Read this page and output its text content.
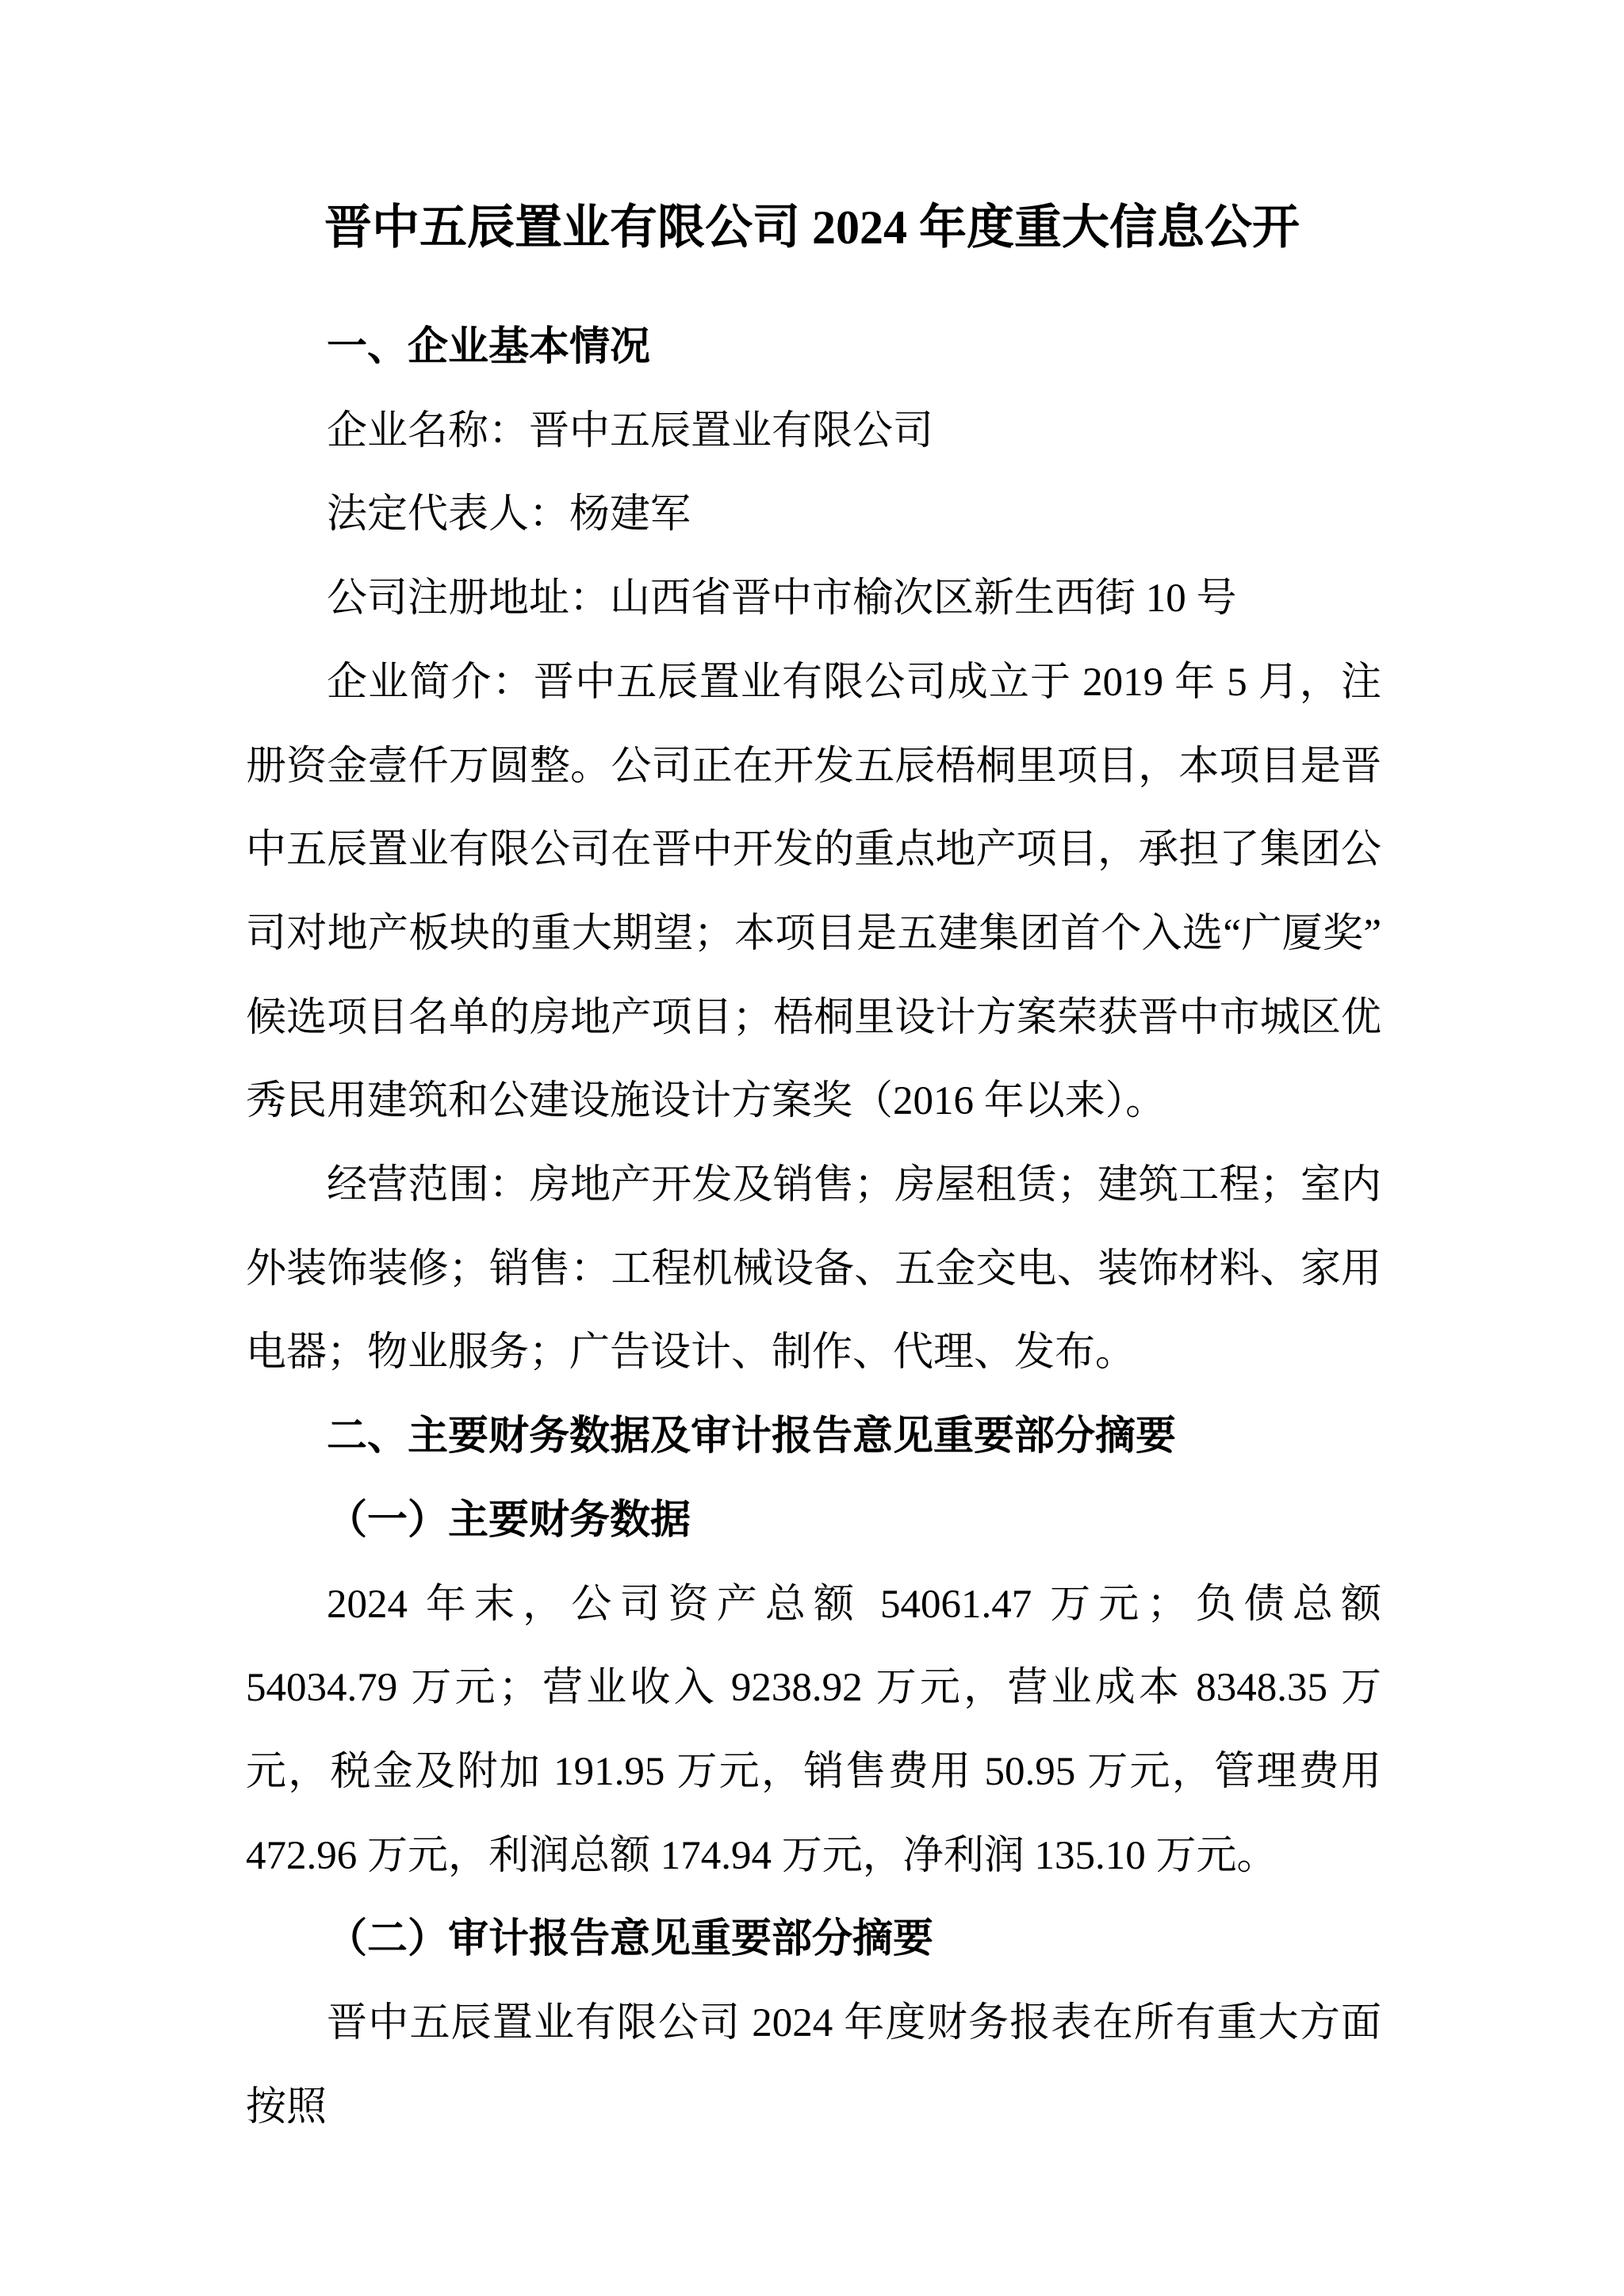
晋中五辰置业有限公司 2024 年度重大信息公开

一、企业基本情况

企业名称：晋中五辰置业有限公司

法定代表人：杨建军

公司注册地址：山西省晋中市榆次区新生西街 10 号

企业简介：晋中五辰置业有限公司成立于 2019 年 5 月，注册资金壹仟万圆整。公司正在开发五辰梧桐里项目，本项目是晋中五辰置业有限公司在晋中开发的重点地产项目，承担了集团公司对地产板块的重大期望；本项目是五建集团首个入选“广厦奖”候选项目名单的房地产项目；梧桐里设计方案荣获晋中市城区优秀民用建筑和公建设施设计方案奖（2016 年以来）。

经营范围：房地产开发及销售；房屋租赁；建筑工程；室内外装饰装修；销售：工程机械设备、五金交电、装饰材料、家用电器；物业服务；广告设计、制作、代理、发布。

二、主要财务数据及审计报告意见重要部分摘要

（一）主要财务数据

2024 年末，公司资产总额 54061.47 万元；负债总额 54034.79 万元；营业收入 9238.92 万元，营业成本 8348.35 万元，税金及附加 191.95 万元，销售费用 50.95 万元，管理费用 472.96 万元，利润总额 174.94 万元，净利润 135.10 万元。

（二）审计报告意见重要部分摘要

晋中五辰置业有限公司 2024 年度财务报表在所有重大方面按照
